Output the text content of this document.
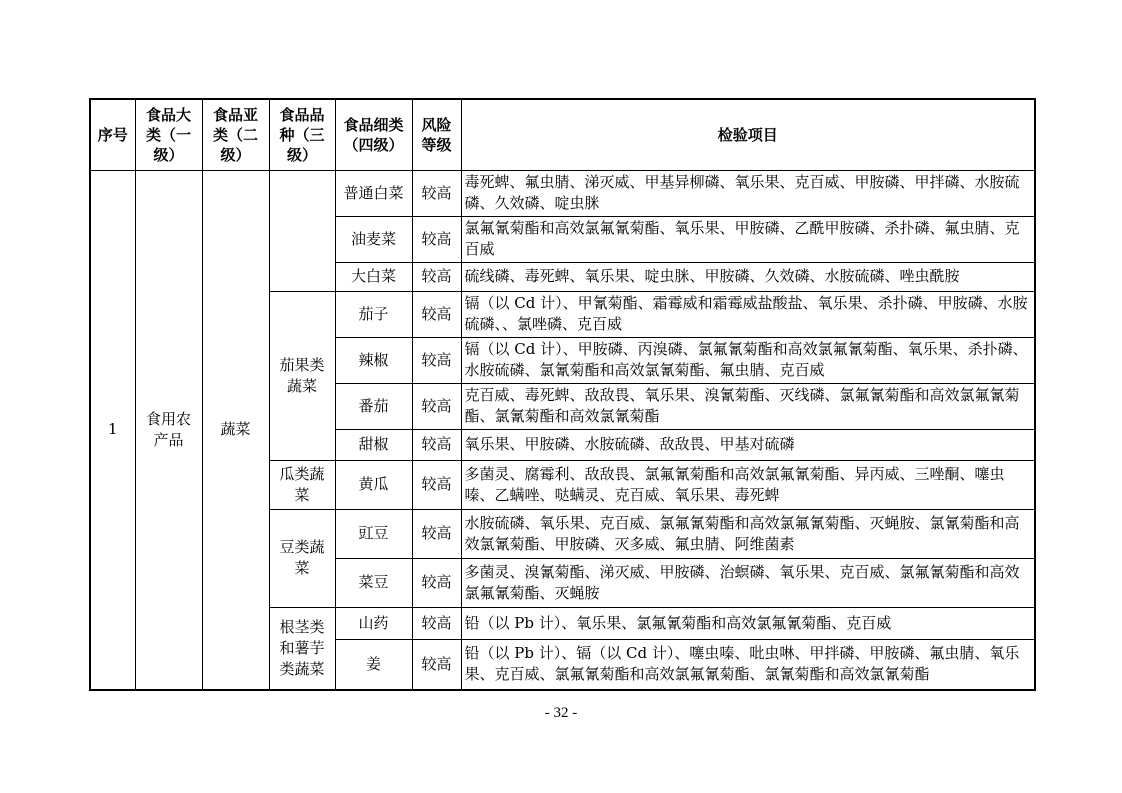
序号	食品大类（一级）	食品亚类（二级）	食品品种（三级）	食品细类（四级）	风险等级	检验项目
1	食用农产品	蔬菜		普通白菜	较高	毒死蜱、氟虫腈、涕灭威、甲基异柳磷、氧乐果、克百威、甲胺磷、甲拌磷、水胺硫磷、久效磷、啶虫脒
				油麦菜	较高	氯氟氰菊酯和高效氯氟氰菊酯、氧乐果、甲胺磷、乙酰甲胺磷、杀扑磷、氟虫腈、克百威
				大白菜	较高	硫线磷、毒死蜱、氧乐果、啶虫脒、甲胺磷、久效磷、水胺硫磷、唑虫酰胺
			茄果类蔬菜	茄子	较高	镉（以 Cd 计）、甲氰菊酯、霜霉威和霜霉威盐酸盐、氧乐果、杀扑磷、甲胺磷、水胺硫磷、、氯唑磷、克百威
				辣椒	较高	镉（以 Cd 计）、甲胺磷、丙溴磷、氯氟氰菊酯和高效氯氟氰菊酯、氧乐果、杀扑磷、水胺硫磷、氯氰菊酯和高效氯氰菊酯、氟虫腈、克百威
				番茄	较高	克百威、毒死蜱、敌敌畏、氧乐果、溴氰菊酯、灭线磷、氯氟氰菊酯和高效氯氟氰菊酯、氯氰菊酯和高效氯氰菊酯
				甜椒	较高	氧乐果、甲胺磷、水胺硫磷、敌敌畏、甲基对硫磷
			瓜类蔬菜	黄瓜	较高	多菌灵、腐霉利、敌敌畏、氯氟氰菊酯和高效氯氟氰菊酯、异丙威、三唑酮、噻虫嗪、乙螨唑、哒螨灵、克百威、氧乐果、毒死蜱
			豆类蔬菜	豇豆	较高	水胺硫磷、氧乐果、克百威、氯氟氰菊酯和高效氯氟氰菊酯、灭蝇胺、氯氰菊酯和高效氯氰菊酯、甲胺磷、灭多威、氟虫腈、阿维菌素
				菜豆	较高	多菌灵、溴氰菊酯、涕灭威、甲胺磷、治螟磷、氧乐果、克百威、氯氟氰菊酯和高效氯氟氰菊酯、灭蝇胺
			根茎类和薯芋类蔬菜	山药	较高	铅（以 Pb 计）、氧乐果、氯氟氰菊酯和高效氯氟氰菊酯、克百威
				姜	较高	铅（以 Pb 计）、镉（以 Cd 计）、噻虫嗪、吡虫啉、甲拌磷、甲胺磷、氟虫腈、氧乐果、克百威、氯氟氰菊酯和高效氯氟氰菊酯、氯氰菊酯和高效氯氰菊酯
- 32 -
